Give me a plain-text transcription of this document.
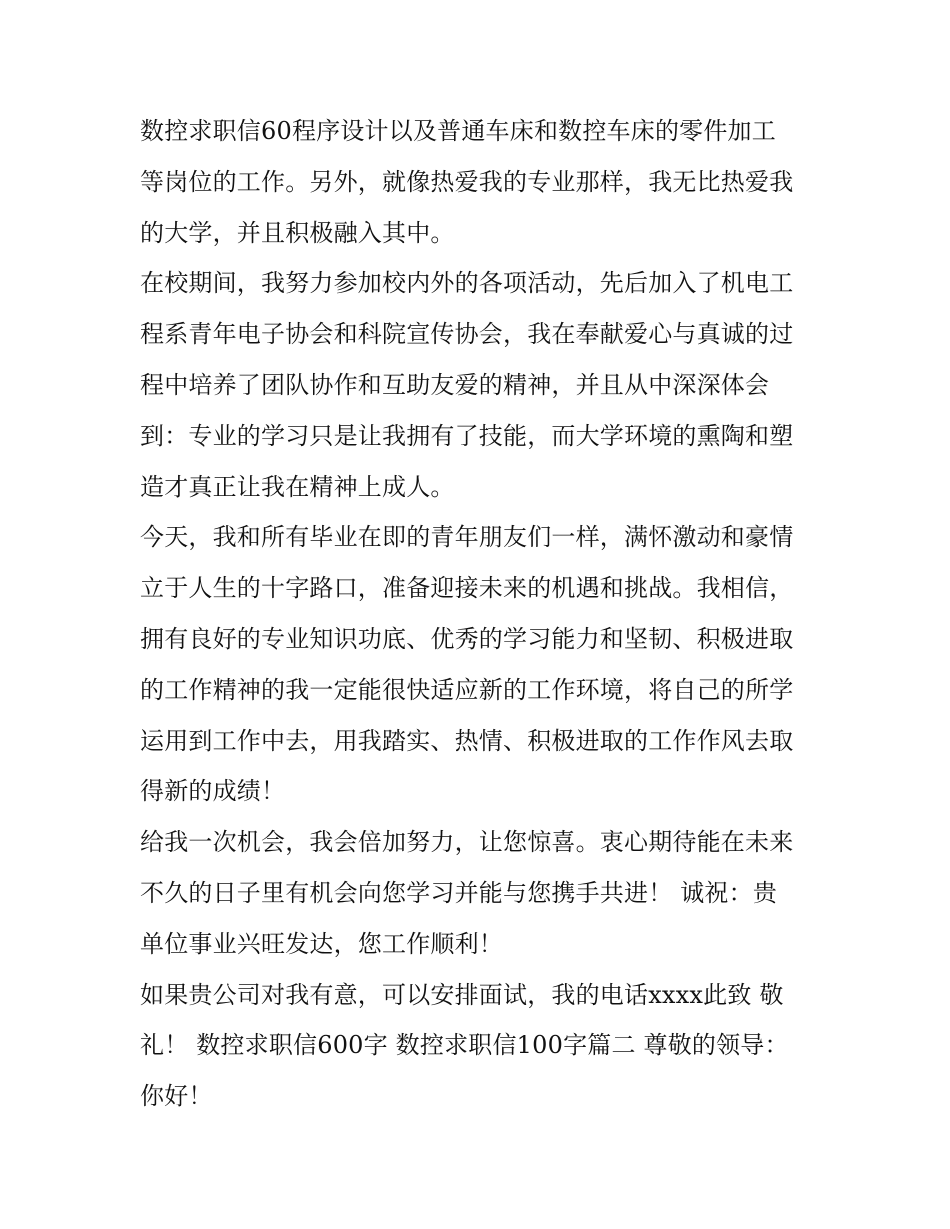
数控求职信60程序设计以及普通车床和数控车床的零件加工
等岗位的工作。另外，就像热爱我的专业那样，我无比热爱我
的大学，并且积极融入其中。
在校期间，我努力参加校内外的各项活动，先后加入了机电工
程系青年电子协会和科院宣传协会，我在奉献爱心与真诚的过
程中培养了团队协作和互助友爱的精神，并且从中深深体会
到：专业的学习只是让我拥有了技能，而大学环境的熏陶和塑
造才真正让我在精神上成人。
今天，我和所有毕业在即的青年朋友们一样，满怀激动和豪情
立于人生的十字路口，准备迎接未来的机遇和挑战。我相信，
拥有良好的专业知识功底、优秀的学习能力和坚韧、积极进取
的工作精神的我一定能很快适应新的工作环境，将自己的所学
运用到工作中去，用我踏实、热情、积极进取的工作作风去取
得新的成绩！
给我一次机会，我会倍加努力，让您惊喜。衷心期待能在未来
不久的日子里有机会向您学习并能与您携手共进！ 诚祝：贵
单位事业兴旺发达，您工作顺利！
如果贵公司对我有意，可以安排面试，我的电话xxxx此致 敬
礼！ 数控求职信600字 数控求职信100字篇二 尊敬的领导：
你好！
